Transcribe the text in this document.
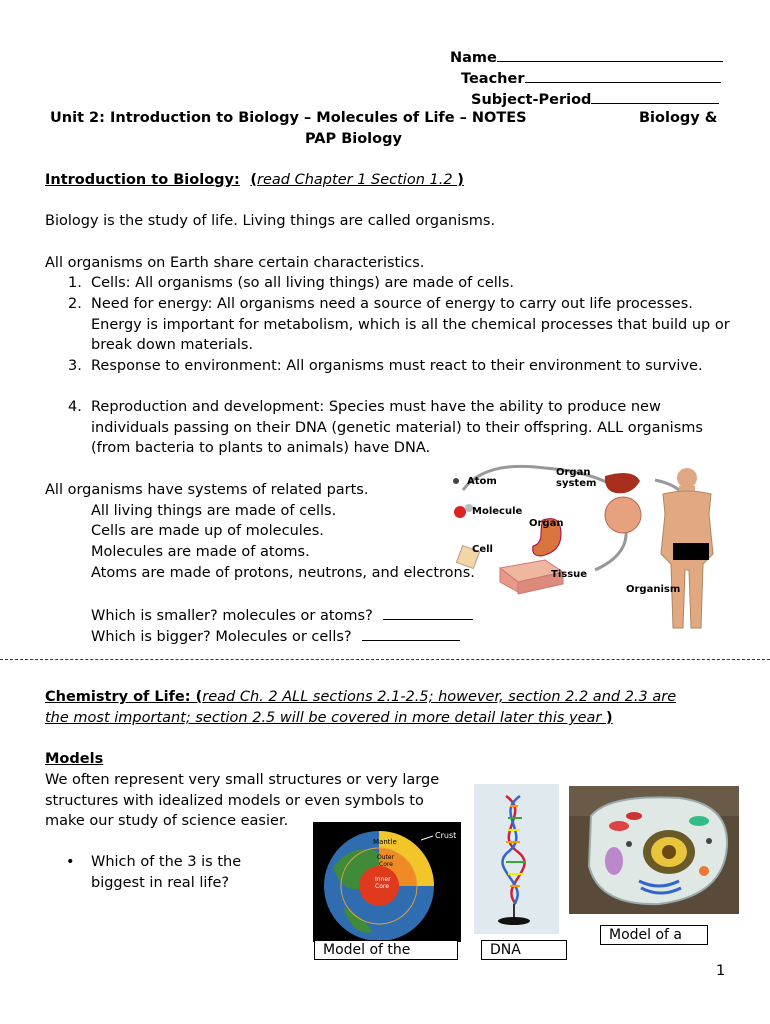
Name
Teacher
Subject-Period
Unit 2: Introduction to Biology – Molecules of Life – NOTES	Biology &
PAP Biology
Introduction to Biology: (read Chapter 1 Section 1.2 )
Biology is the study of life. Living things are called organisms.
All organisms on Earth share certain characteristics.
1. Cells: All organisms (so all living things) are made of cells.
2. Need for energy: All organisms need a source of energy to carry out life processes. Energy is important for metabolism, which is all the chemical processes that build up or break down materials.
3. Response to environment: All organisms must react to their environment to survive.
4. Reproduction and development: Species must have the ability to produce new individuals passing on their DNA (genetic material) to their offspring. ALL organisms (from bacteria to plants to animals) have DNA.
All organisms have systems of related parts.
All living things are made of cells.
Cells are made up of molecules.
Molecules are made of atoms.
Atom
Molecule
Cell
Organ
Tissue
Organ
system
Organism
Atoms are made of protons, neutrons, and electrons.
Which is smaller? molecules or atoms?
Which is bigger? Molecules or cells?
Chemistry of Life: (read Ch. 2 ALL sections 2.1-2.5; however, section 2.2 and 2.3 are
the most important; section 2.5 will be covered in more detail later this year )
Models
We often represent very small structures or very large
structures with idealized models or even symbols to
make our study of science easier.
• Which of the 3 is the
biggest in real life?
Crust
Mantle
Outer
Core
Inner
Core
Model of the	DNA
Model of a
1
